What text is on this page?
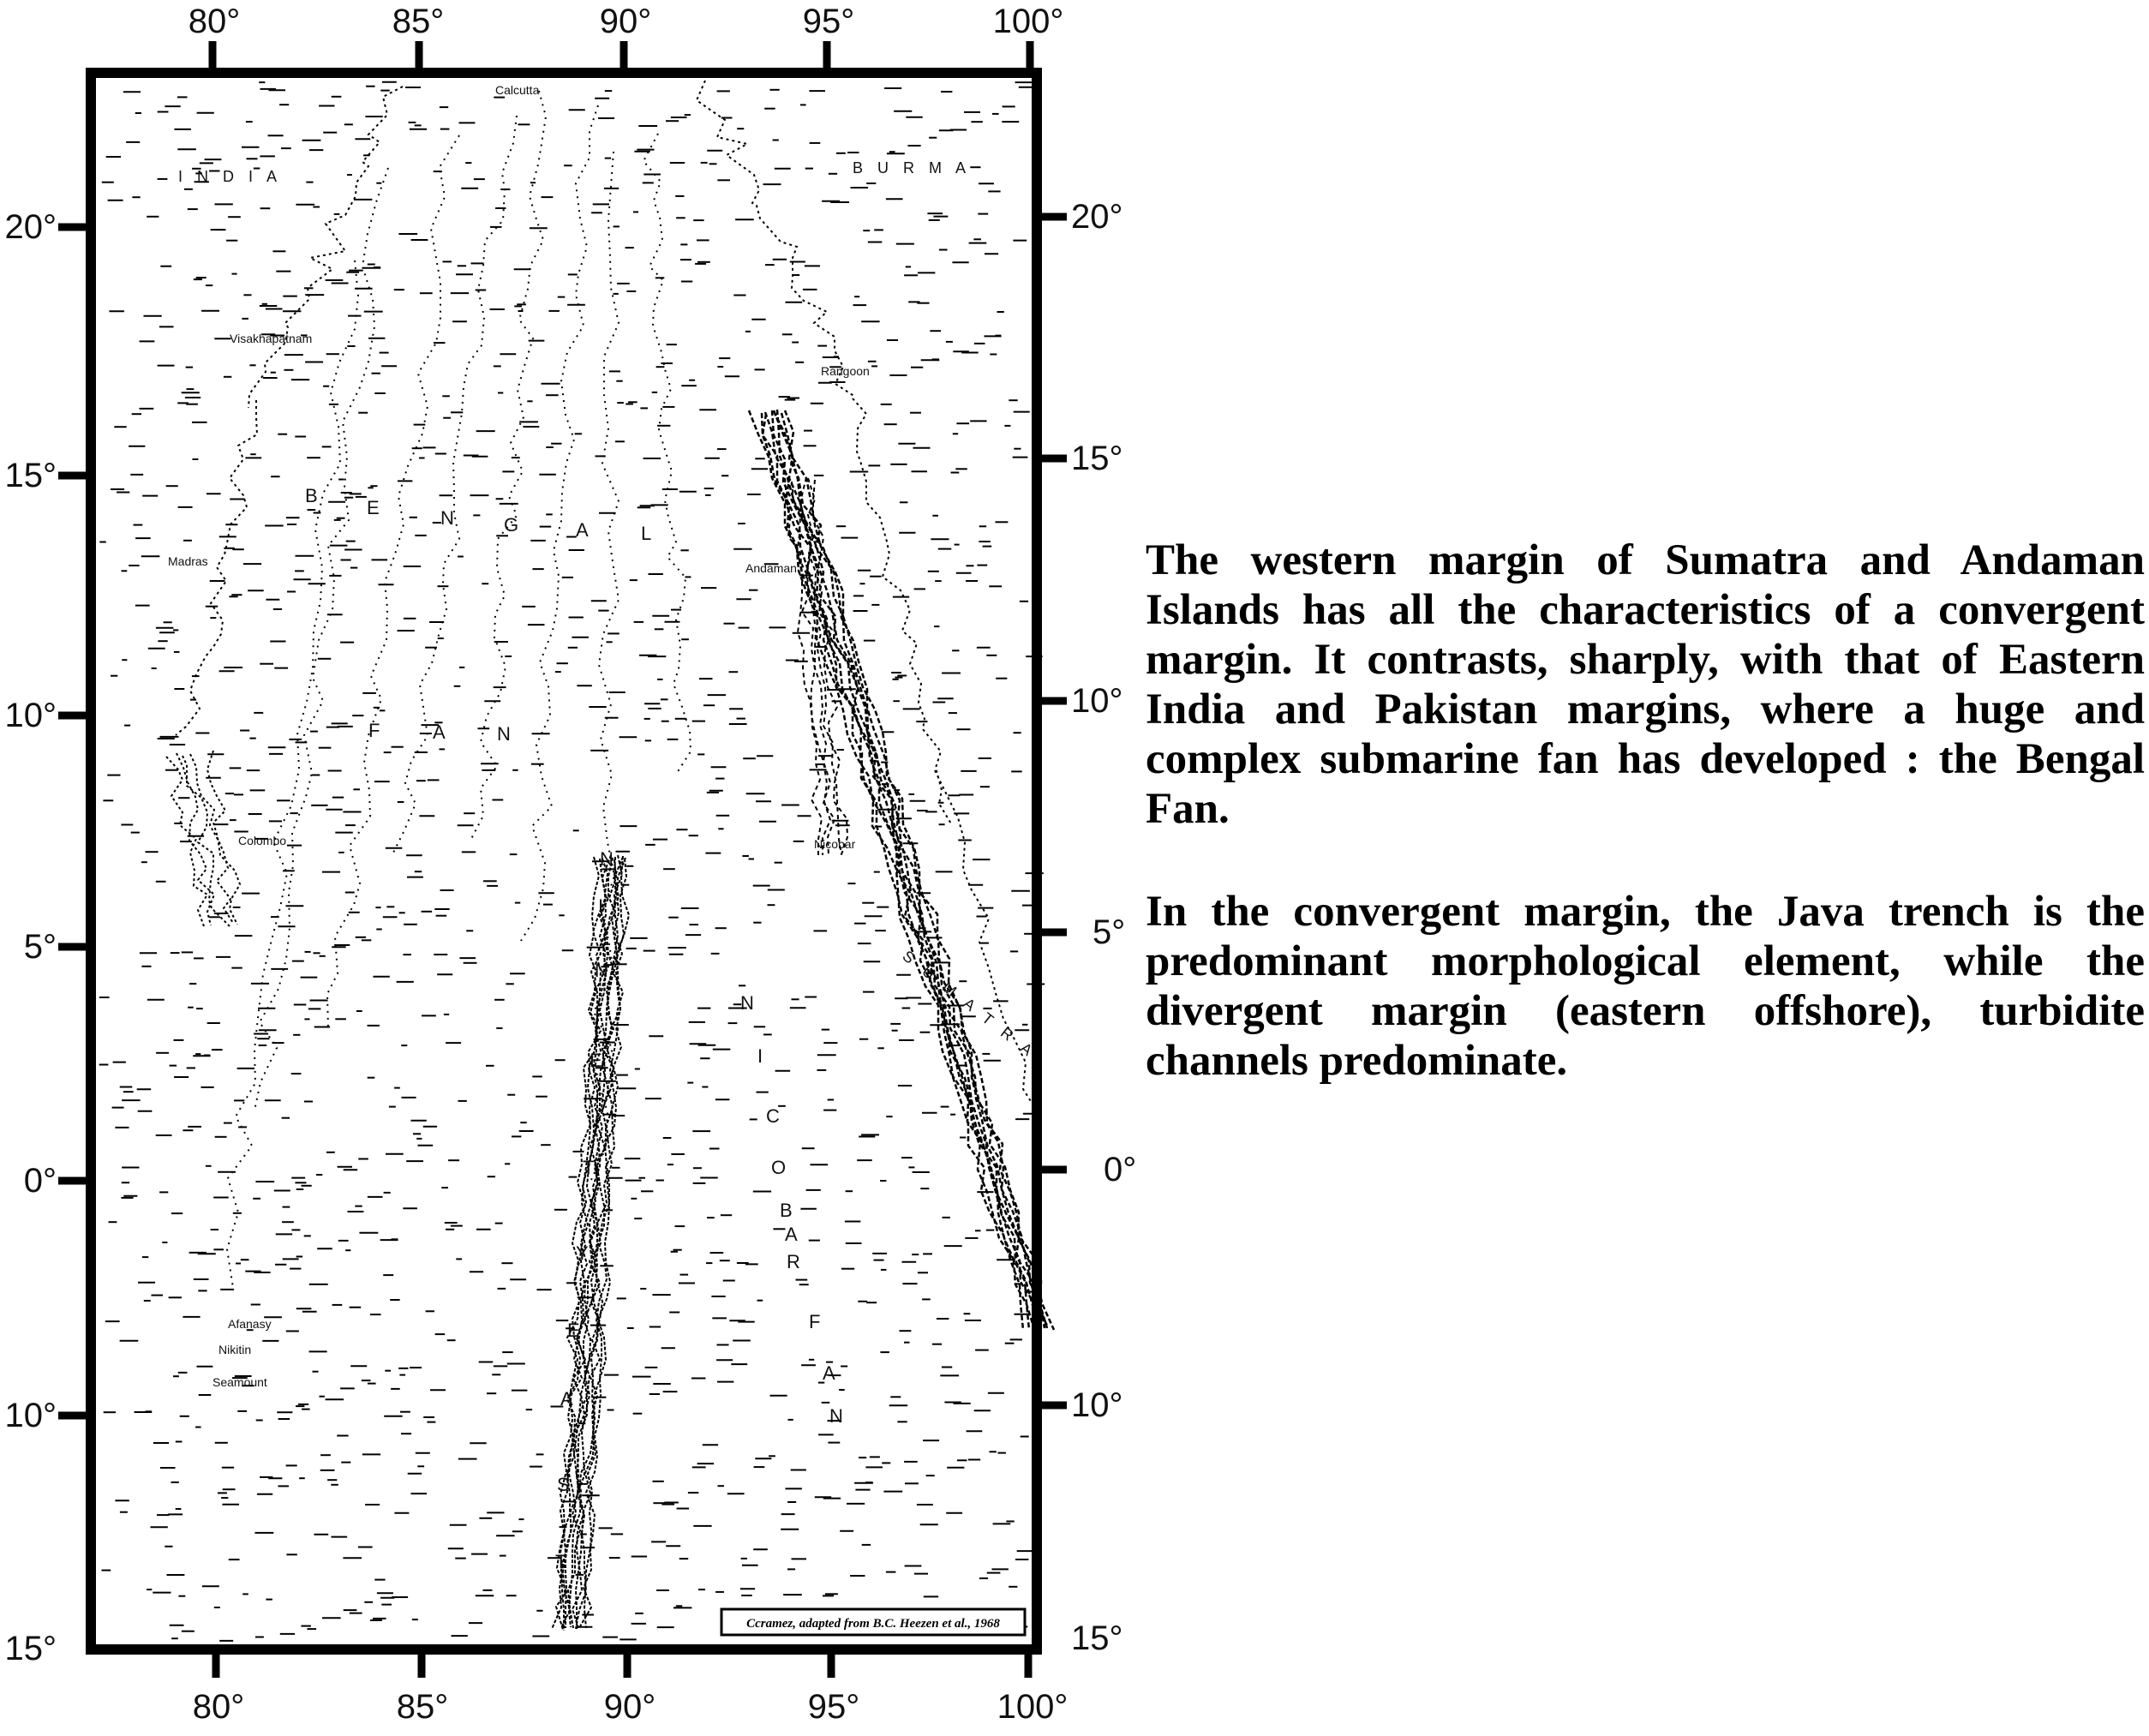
80°	85°	90°	95°	100°
80°	85°	90°	95°	100°
20°
15°
10°
5°
0°
10°
15°
20°
15°
10°
5°
0°
10°
15°
I N D I A	B U R M A
S U M A T R A
Calcutta
Visakhapatnam
Madras
Rangoon
Andaman
Colombo	Nicobar
Afanasy
Nikitin
Seamount
B
E	N	G	A	L
F	A	N
N
I
N
E
T
Y
E
A
S
T
N
I
C
O
B
A
R
F
A
N
Ccramez, adapted from B.C. Heezen et al., 1968

The western margin of Sumatra and Andaman Islands has all the characteristics of a convergent margin. It contrasts, sharply, with that of Eastern India and Pakistan margins, where a huge and complex submarine fan has developed : the Bengal Fan.

In the convergent margin, the Java trench is the predominant morphological element, while the divergent margin (eastern offshore), turbidite channels predominate.
